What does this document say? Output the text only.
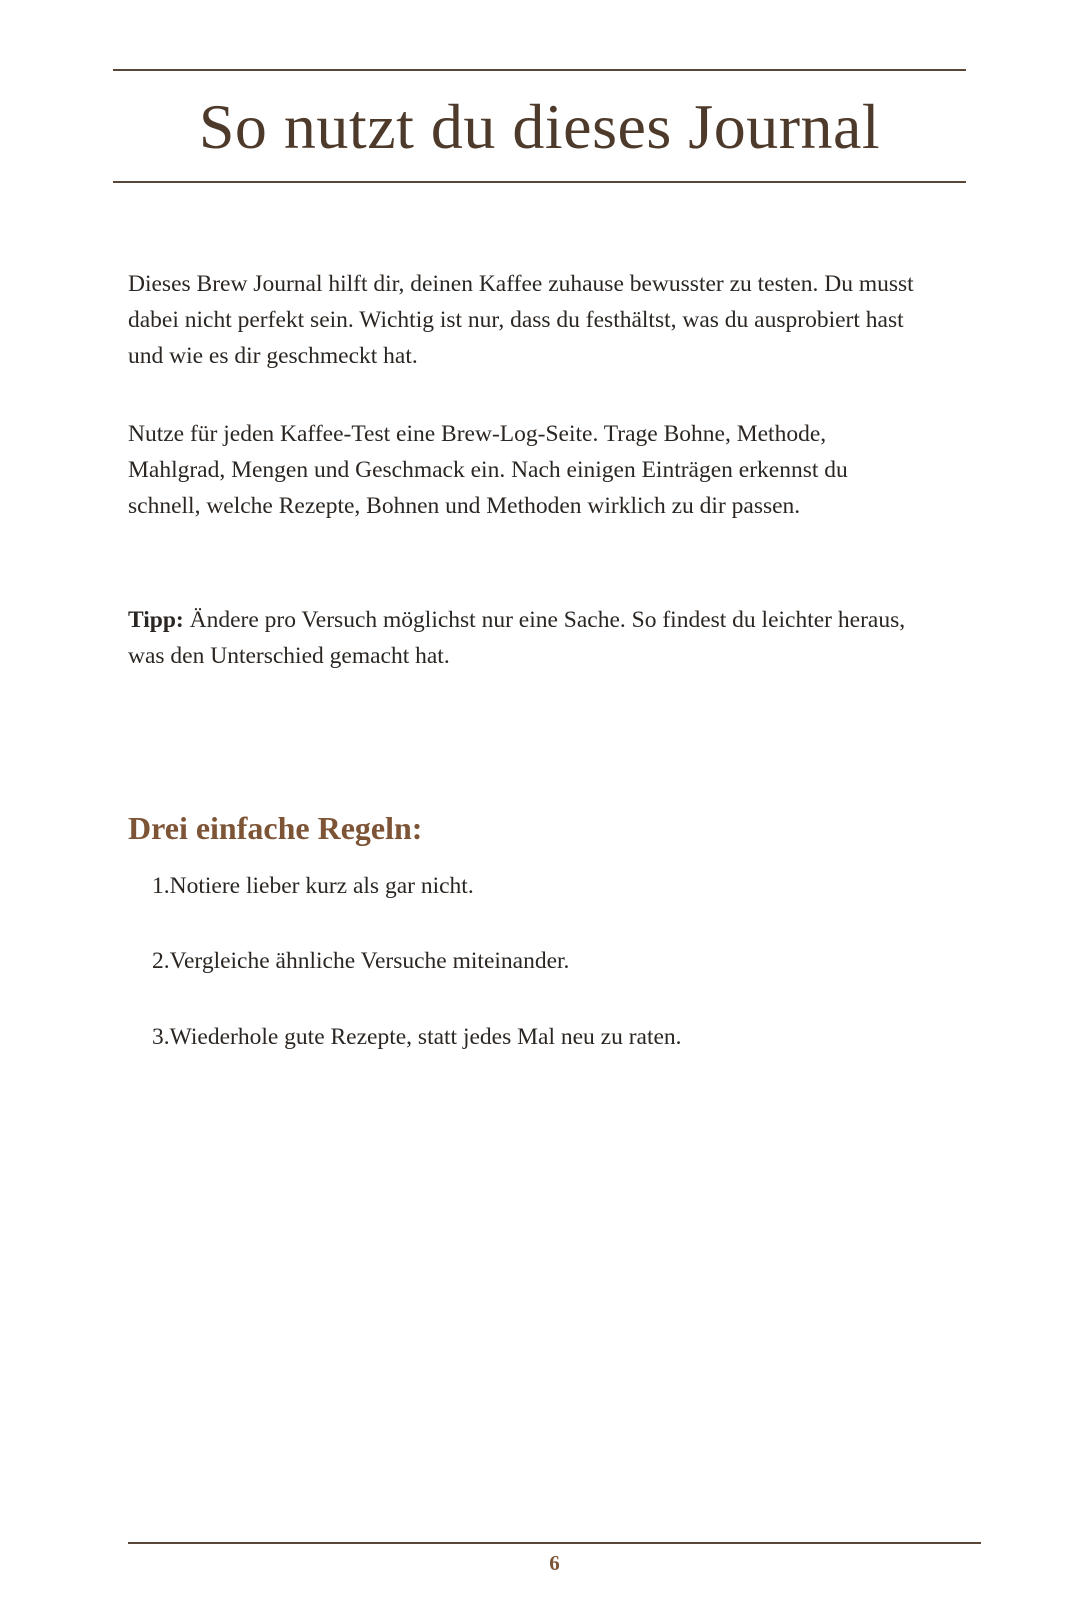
So nutzt du dieses Journal

Dieses Brew Journal hilft dir, deinen Kaffee zuhause bewusster zu testen. Du musst dabei nicht perfekt sein. Wichtig ist nur, dass du festhältst, was du ausprobiert hast und wie es dir geschmeckt hat.

Nutze für jeden Kaffee-Test eine Brew-Log-Seite. Trage Bohne, Methode, Mahlgrad, Mengen und Geschmack ein. Nach einigen Einträgen erkennst du schnell, welche Rezepte, Bohnen und Methoden wirklich zu dir passen.

Tipp: Ändere pro Versuch möglichst nur eine Sache. So findest du leichter heraus, was den Unterschied gemacht hat.

Drei einfache Regeln:

1.Notiere lieber kurz als gar nicht.

2.Vergleiche ähnliche Versuche miteinander.

3.Wiederhole gute Rezepte, statt jedes Mal neu zu raten.

6
